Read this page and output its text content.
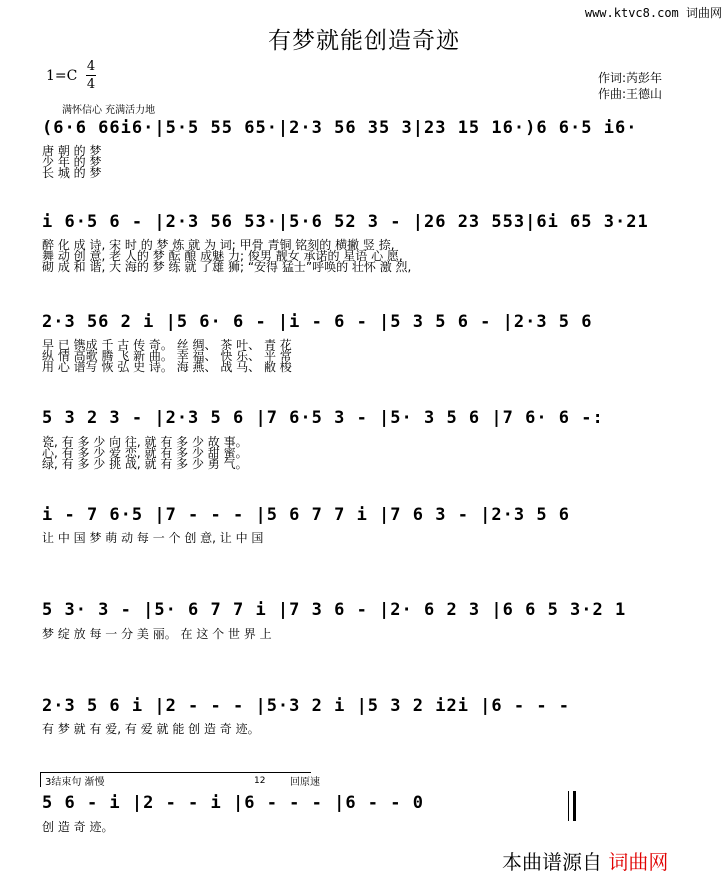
www.ktvc8.com 词曲网
有梦就能创造奇迹
1=C
4
4	作词:芮彭年
作曲:王德山
满怀信心 充满活力地
(6·6 66i6·|5·5 55 65·|2·3 56 35 3|23 15 16·)6 6·5 i6·
唐 朝 的 梦
少 年 的 梦
长 城 的 梦
i 6·5 6 - |2·3 56 53·|5·6 52 3 - |26 23 553|6i 65 3·21
醉 化 成 诗, 宋 时 的 梦 炼 就 为 词; 甲骨 青铜 铭刻的 横撇 竖 捺,
舞 动 创 意, 老 人的 梦 酝 酿 成魅 力; 俊男 靓女 承诺的 星语 心 愿,
砌 成 和 谐, 大 海的 梦 练 就 了雄 狮; “安得 猛士”呼唤的 壮怀 激 烈,
2·3 56 2 i |5 6· 6 - |i - 6 - |5 3 5 6 - |2·3 5 6
早 已 镌成 千 古 传 奇。 丝 绸、 茶 叶、 青 花
纵 情 高歌 腾 飞 新 曲。 幸 福、 快 乐、 平 常
用 心 谱写 恢 弘 史 诗。 海 燕、 战 马、 敝 梭
5 3 2 3 - |2·3 5 6 |7 6·5 3 - |5· 3 5 6 |7 6· 6 -:
瓷, 有 多 少 向 往, 就 有 多 少 故 事。
心, 有 多 少 爱 恋, 就 有 多 少 甜 蜜。
绿, 有 多 少 挑 战, 就 有 多 少 勇 气。
i - 7 6·5 |7 - - - |5 6 7 7 i |7 6 3 - |2·3 5 6
让 中 国 梦 萌 动 每 一 个 创 意, 让 中 国
5 3· 3 - |5· 6 7 7 i |7 3 6 - |2· 6 2 3 |6 6 5 3·2 1
梦 绽 放 每 一 分 美 丽。 在 这 个 世 界 上
2·3 5 6 i |2 - - - |5·3 2 i |5 3 2 i2i |6 - - -
有 梦 就 有 爱, 有 爱 就 能 创 造 奇 迹。
3结束句 渐慢	回原速
12
5 6 - i |2 - - i |6 - - - |6 - - 0
创 造 奇 迹。
本曲谱源自 词曲网
